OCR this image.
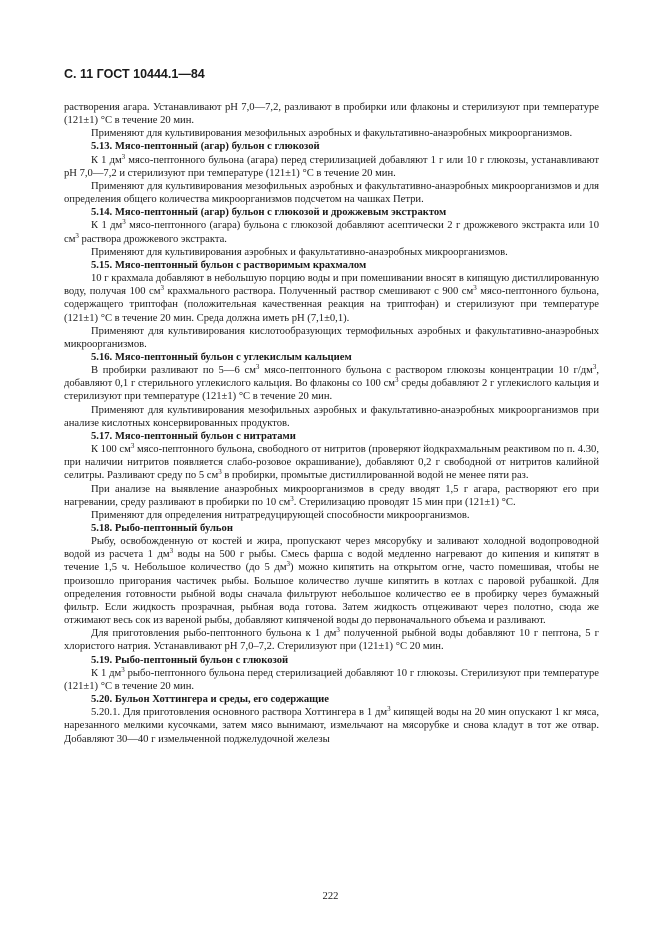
С. 11 ГОСТ 10444.1—84

растворения агара. Устанавливают рН 7,0—7,2, разливают в пробирки или флаконы и стерилизуют при температуре (121±1) °С в течение 20 мин.

Применяют для культивирования мезофильных аэробных и факультативно-анаэробных микроорганизмов.

5.13. Мясо-пептонный (агар) бульон с глюкозой

К 1 $дм^3$ мясо-пептонного бульона (агара) перед стерилизацией добавляют 1 г или 10 г глюкозы, устанавливают рН 7,0—7,2 и стерилизуют при температуре (121±1) °С в течение 20 мин.

Применяют для культивирования мезофильных аэробных и факультативно-анаэробных микроорганизмов и для определения общего количества микроорганизмов подсчетом на чашках Петри.

5.14. Мясо-пептонный (агар) бульон с глюкозой и дрожжевым экстрактом

К 1 $дм^3$ мясо-пептонного (агара) бульона с глюкозой добавляют асептически 2 г дрожжевого экстракта или 10 $см^3$ раствора дрожжевого экстракта.

Применяют для культивирования аэробных и факультативно-анаэробных микроорганизмов.

5.15. Мясо-пептонный бульон с растворимым крахмалом

10 г крахмала добавляют в небольшую порцию воды и при помешивании вносят в кипящую дистиллированную воду, получая 100 $см^3$ крахмального раствора. Полученный раствор смешивают с 900 $см^3$ мясо-пептонного бульона, содержащего триптофан (положительная качественная реакция на триптофан) и стерилизуют при температуре (121±1) °С в течение 20 мин. Среда должна иметь рН (7,1±0,1).

Применяют для культивирования кислотообразующих термофильных аэробных и факультативно-анаэробных микроорганизмов.

5.16. Мясо-пептонный бульон с углекислым кальцием

В пробирки разливают по 5—6 $см^3$ мясо-пептонного бульона с раствором глюкозы концентрации 10 $г/дм^3$, добавляют 0,1 г стерильного углекислого кальция. Во флаконы со 100 $см^3$ среды добавляют 2 г углекислого кальция и стерилизуют при температуре (121±1) °С в течение 20 мин.

Применяют для культивирования мезофильных аэробных и факультативно-анаэробных микроорганизмов при анализе кислотных консервированных продуктов.

5.17. Мясо-пептонный бульон с нитратами

К 100 $см^3$ мясо-пептонного бульона, свободного от нитритов (проверяют йодкрахмальным реактивом по п. 4.30, при наличии нитритов появляется слабо-розовое окрашивание), добавляют 0,2 г свободной от нитритов калийной селитры. Разливают среду по 5 $см^3$ в пробирки, промытые дистиллированной водой не менее пяти раз.

При анализе на выявление анаэробных микроорганизмов в среду вводят 1,5 г агара, растворяют его при нагревании, среду разливают в пробирки по 10 $см^3$. Стерилизацию проводят 15 мин при (121±1) °С.

Применяют для определения нитратредуцирующей способности микроорганизмов.

5.18. Рыбо-пептонный бульон

Рыбу, освобожденную от костей и жира, пропускают через мясорубку и заливают холодной водопроводной водой из расчета 1 $дм^3$ воды на 500 г рыбы. Смесь фарша с водой медленно нагревают до кипения и кипятят в течение 1,5 ч. Небольшое количество (до 5 $дм^3$) можно кипятить на открытом огне, часто помешивая, чтобы не произошло пригорания частичек рыбы. Большое количество лучше кипятить в котлах с паровой рубашкой. Для определения готовности рыбной воды сначала фильтруют небольшое количество ее в пробирку через бумажный фильтр. Если жидкость прозрачная, рыбная вода готова. Затем жидкость отцеживают через полотно, сюда же отжимают весь сок из вареной рыбы, добавляют кипяченой воды до первоначального объема и разливают.

Для приготовления рыбо-пептонного бульона к 1 $дм^3$ полученной рыбной воды добавляют 10 г пептона, 5 г хлористого натрия. Устанавливают рН 7,0–7,2. Стерилизуют при (121±1) °С 20 мин.

5.19. Рыбо-пептонный бульон с глюкозой

К 1 $дм^3$ рыбо-пептонного бульона перед стерилизацией добавляют 10 г глюкозы. Стерилизуют при температуре (121±1) °С в течение 20 мин.

5.20. Бульон Хоттингера и среды, его содержащие

5.20.1. Для приготовления основного раствора Хоттингера в 1 $дм^3$ кипящей воды на 20 мин опускают 1 кг мяса, нарезанного мелкими кусочками, затем мясо вынимают, измельчают на мясорубке и снова кладут в тот же отвар. Добавляют 30—40 г измельченной поджелудочной железы

222
